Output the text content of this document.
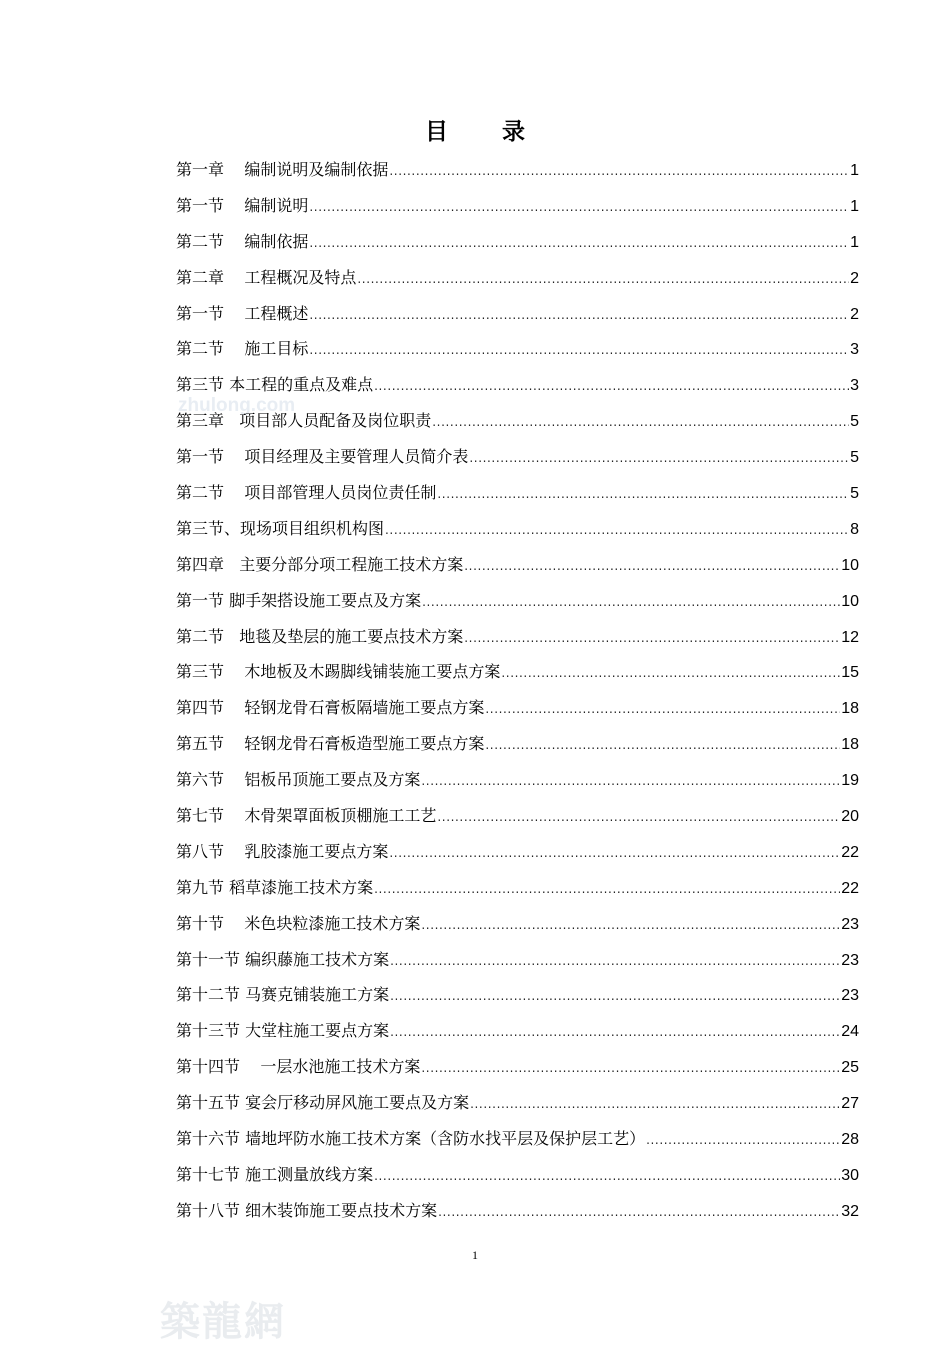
zhulong.com
目 录
第一章    编制说明及编制依据 .....	1
第一节    编制说明 .....	1
第二节    编制依据 .....	1
第二章    工程概况及特点 .....	2
第一节    工程概述 .....	2
第二节    施工目标 .....	3
第三节 本工程的重点及难点 .....	3
第三章   项目部人员配备及岗位职责 .....	5
第一节    项目经理及主要管理人员简介表 .....	5
第二节    项目部管理人员岗位责任制 .....	5
第三节、现场项目组织机构图 .....	8
第四章   主要分部分项工程施工技术方案 .....	10
第一节 脚手架搭设施工要点及方案 .....	10
第二节   地毯及垫层的施工要点技术方案 .....	12
第三节    木地板及木踢脚线铺装施工要点方案 .....	15
第四节    轻钢龙骨石膏板隔墙施工要点方案 .....	18
第五节    轻钢龙骨石膏板造型施工要点方案 .....	18
第六节    铝板吊顶施工要点及方案 .....	19
第七节    木骨架罩面板顶棚施工工艺 .....	20
第八节    乳胶漆施工要点方案 .....	22
第九节 稻草漆施工技术方案 .....	22
第十节    米色块粒漆施工技术方案 .....	23
第十一节 编织藤施工技术方案 .....	23
第十二节 马赛克铺装施工方案 .....	23
第十三节 大堂柱施工要点方案 .....	24
第十四节    一层水池施工技术方案 .....	25
第十五节 宴会厅移动屏风施工要点及方案 .....	27
第十六节 墙地坪防水施工技术方案（含防水找平层及保护层工艺） .....	28
第十七节 施工测量放线方案 .....	30
第十八节 细木装饰施工要点技术方案 .....	32
1
築龍網
